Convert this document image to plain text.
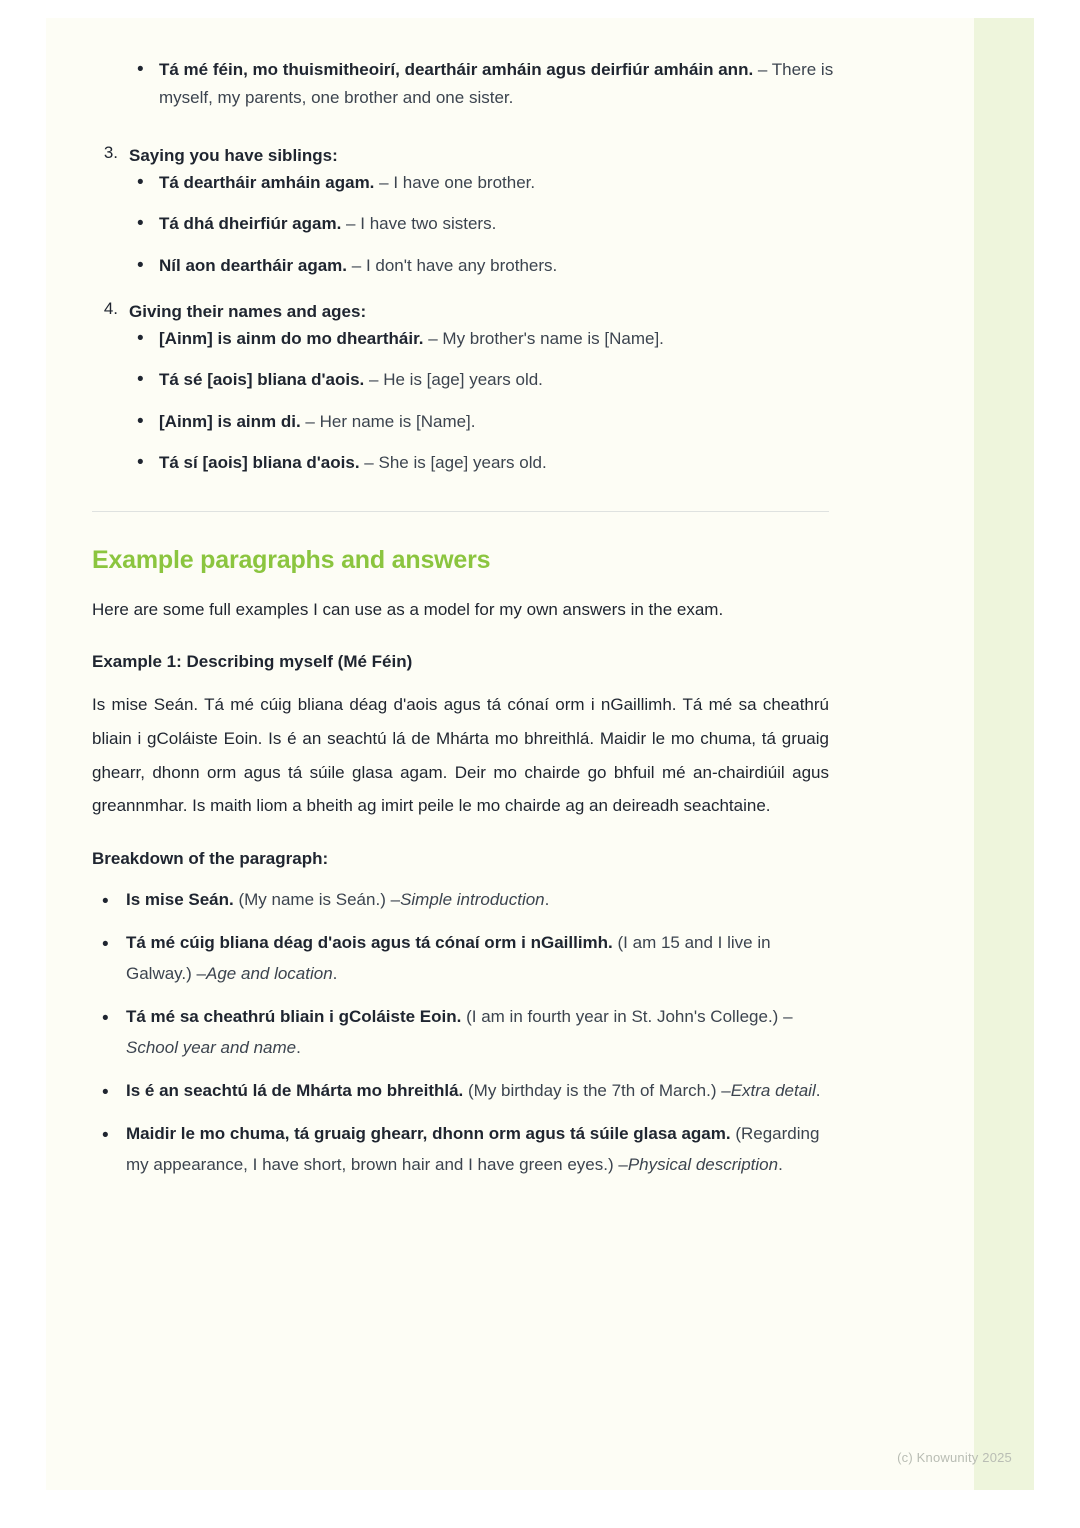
• Tá mé féin, mo thuismitheoirí, deartháir amháin agus deirfiúr amháin ann. – There is myself, my parents, one brother and one sister.
3. Saying you have siblings:
• Tá deartháir amháin agam. – I have one brother.
• Tá dhá dheirfiúr agam. – I have two sisters.
• Níl aon deartháir agam. – I don't have any brothers.
4. Giving their names and ages:
• [Ainm] is ainm do mo dheartháir. – My brother's name is [Name].
• Tá sé [aois] bliana d'aois. – He is [age] years old.
• [Ainm] is ainm di. – Her name is [Name].
• Tá sí [aois] bliana d'aois. – She is [age] years old.
Example paragraphs and answers

Here are some full examples I can use as a model for my own answers in the exam.

Example 1: Describing myself (Mé Féin)

Is mise Seán. Tá mé cúig bliana déag d'aois agus tá cónaí orm i nGaillimh. Tá mé sa cheathrú bliain i gColáiste Eoin. Is é an seachtú lá de Mhárta mo bhreithlá. Maidir le mo chuma, tá gruaig ghearr, dhonn orm agus tá súile glasa agam. Deir mo chairde go bhfuil mé an-chairdiúil agus greannmhar. Is maith liom a bheith ag imirt peile le mo chairde ag an deireadh seachtaine.

Breakdown of the paragraph:

• Is mise Seán. (My name is Seán.) –Simple introduction.
• Tá mé cúig bliana déag d'aois agus tá cónaí orm i nGaillimh. (I am 15 and I live in Galway.) –Age and location.
• Tá mé sa cheathrú bliain i gColáiste Eoin. (I am in fourth year in St. John's College.) –School year and name.
• Is é an seachtú lá de Mhárta mo bhreithlá. (My birthday is the 7th of March.) –Extra detail.
• Maidir le mo chuma, tá gruaig ghearr, dhonn orm agus tá súile glasa agam. (Regarding my appearance, I have short, brown hair and I have green eyes.) –Physical description.
(c) Knowunity 2025
